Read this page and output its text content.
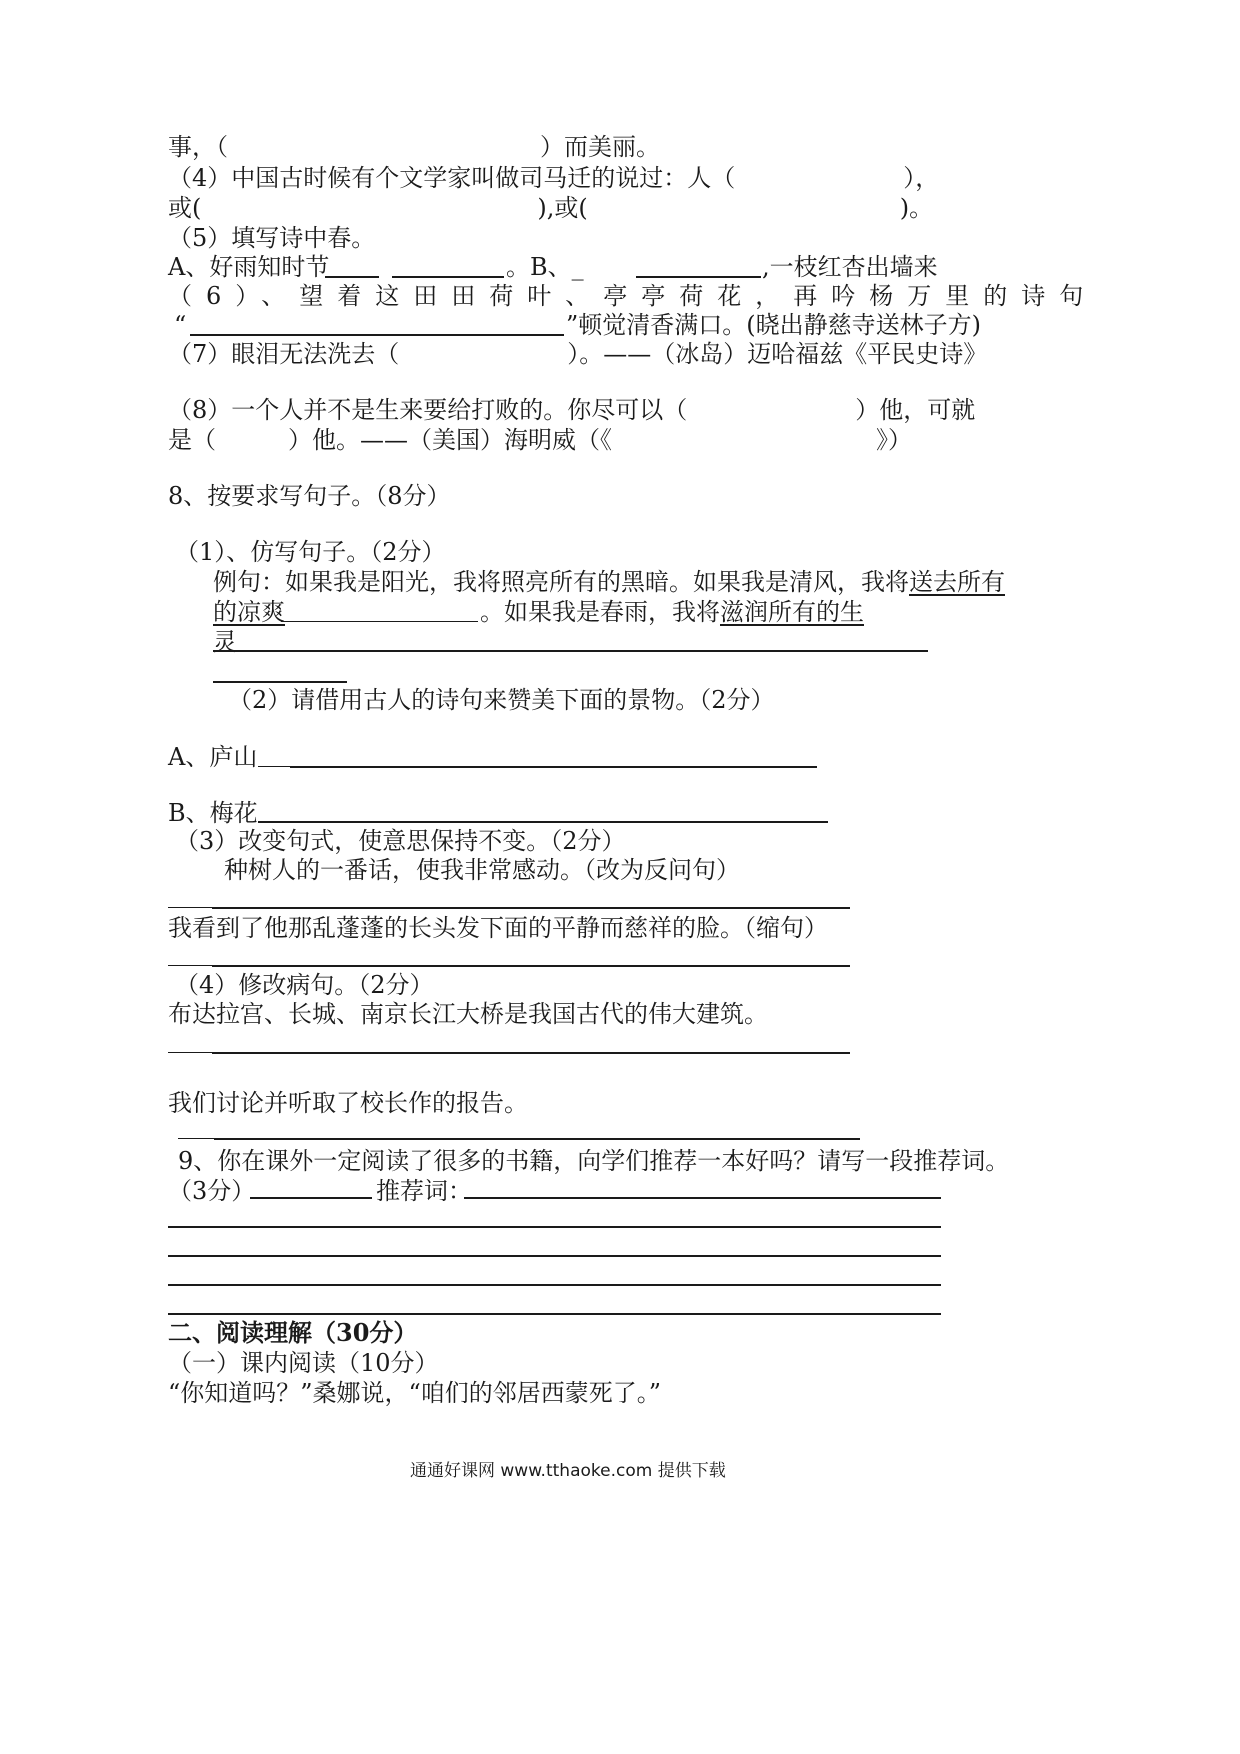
事，（　　　　　　　　　　　　　）而美丽。
（4）中国古时候有个文学家叫做司马迁的说过：人（　　　　　　　），
或(　　　　　　　　　　　　　　),或(　　　　　　　　　　　　　)。
（5）填写诗中春。
A、好雨知时节	。B、_	,一枝红杏出墙来
（6）、望着这田田荷叶、亭亭荷花，再吟杨万里的诗句
“	”顿觉清香满口。(晓出静慈寺送林子方)
（7）眼泪无法洗去（　　　　　　　）。——（冰岛）迈哈福兹《平民史诗》
（8）一个人并不是生来要给打败的。你尽可以（　　　　　　　）他，可就
是（　　　）他。——（美国）海明威（《　　　　　　　　　　　》）
8、按要求写句子。（8分）
（1）、仿写句子。（2分）
例句：如果我是阳光，我将照亮所有的黑暗。如果我是清风，我将送去所有
的凉爽	。如果我是春雨，我将滋润所有的生
灵
（2）请借用古人的诗句来赞美下面的景物。（2分）
A、庐山
B、梅花
（3）改变句式，使意思保持不变。（2分）
种树人的一番话，使我非常感动。（改为反问句）
我看到了他那乱蓬蓬的长头发下面的平静而慈祥的脸。（缩句）
（4）修改病句。（2分）
布达拉宫、长城、南京长江大桥是我国古代的伟大建筑。
我们讨论并听取了校长作的报告。
9、你在课外一定阅读了很多的书籍，向学们推荐一本好吗？请写一段推荐词。
（3分）	推荐词：
二、阅读理解（30分）
（一）课内阅读（10分）
“你知道吗？”桑娜说，“咱们的邻居西蒙死了。”
通通好课网 www.tthaoke.com 提供下载
